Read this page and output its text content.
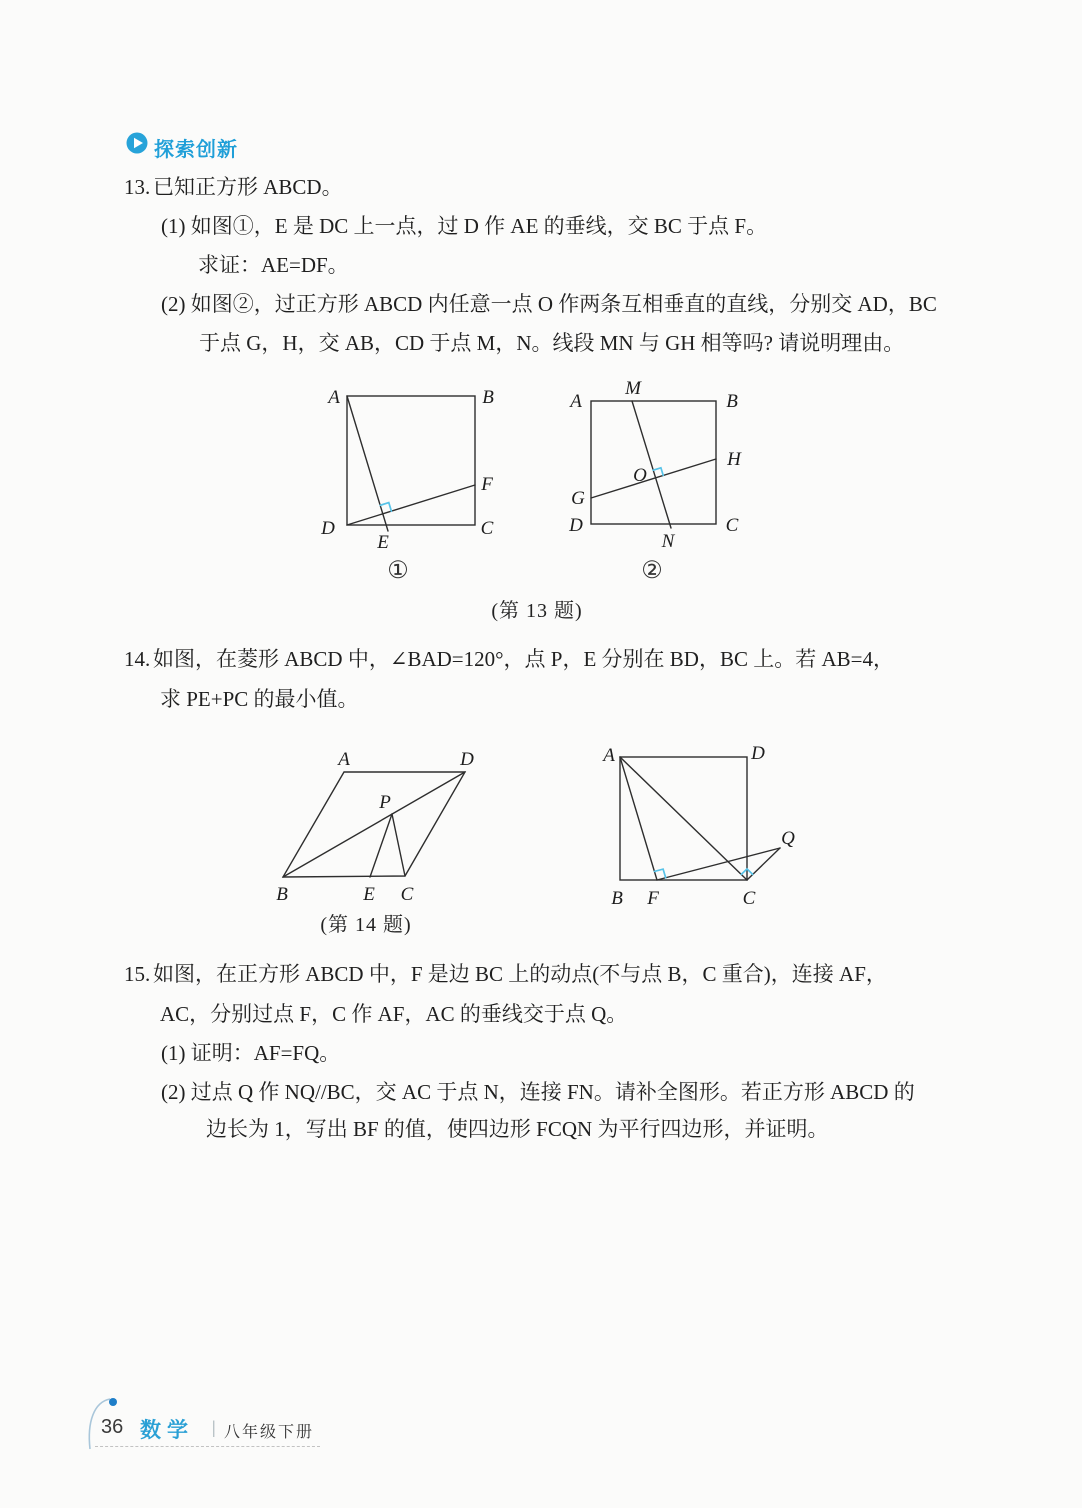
探索创新
13. 已知正方形 ABCD。
(1) 如图①，E 是 DC 上一点，过 D 作 AE 的垂线，交 BC 于点 F。
求证：AE=DF。
(2) 如图②，过正方形 ABCD 内任意一点 O 作两条互相垂直的直线，分别交 AD，BC
于点 G，H，交 AB，CD 于点 M，N。线段 MN 与 GH 相等吗? 请说明理由。
A	B
C
D
E
F
A	B
C
D
M
N
G
H
O
①	②
(第 13 题)
14. 如图，在菱形 ABCD 中，∠BAD=120°，点 P，E 分别在 BD，BC 上。若 AB=4，
求 PE+PC 的最小值。
A	D
B	C
E
P
(第 14 题)
A	D
B	C
F
Q
15. 如图，在正方形 ABCD 中，F 是边 BC 上的动点(不与点 B，C 重合)，连接 AF，
AC，分别过点 F，C 作 AF，AC 的垂线交于点 Q。
(1) 证明：AF=FQ。
(2) 过点 Q 作 NQ//BC，交 AC 于点 N，连接 FN。请补全图形。若正方形 ABCD 的
边长为 1，写出 BF 的值，使四边形 FCQN 为平行四边形，并证明。
36 数学 | 八年级下册
